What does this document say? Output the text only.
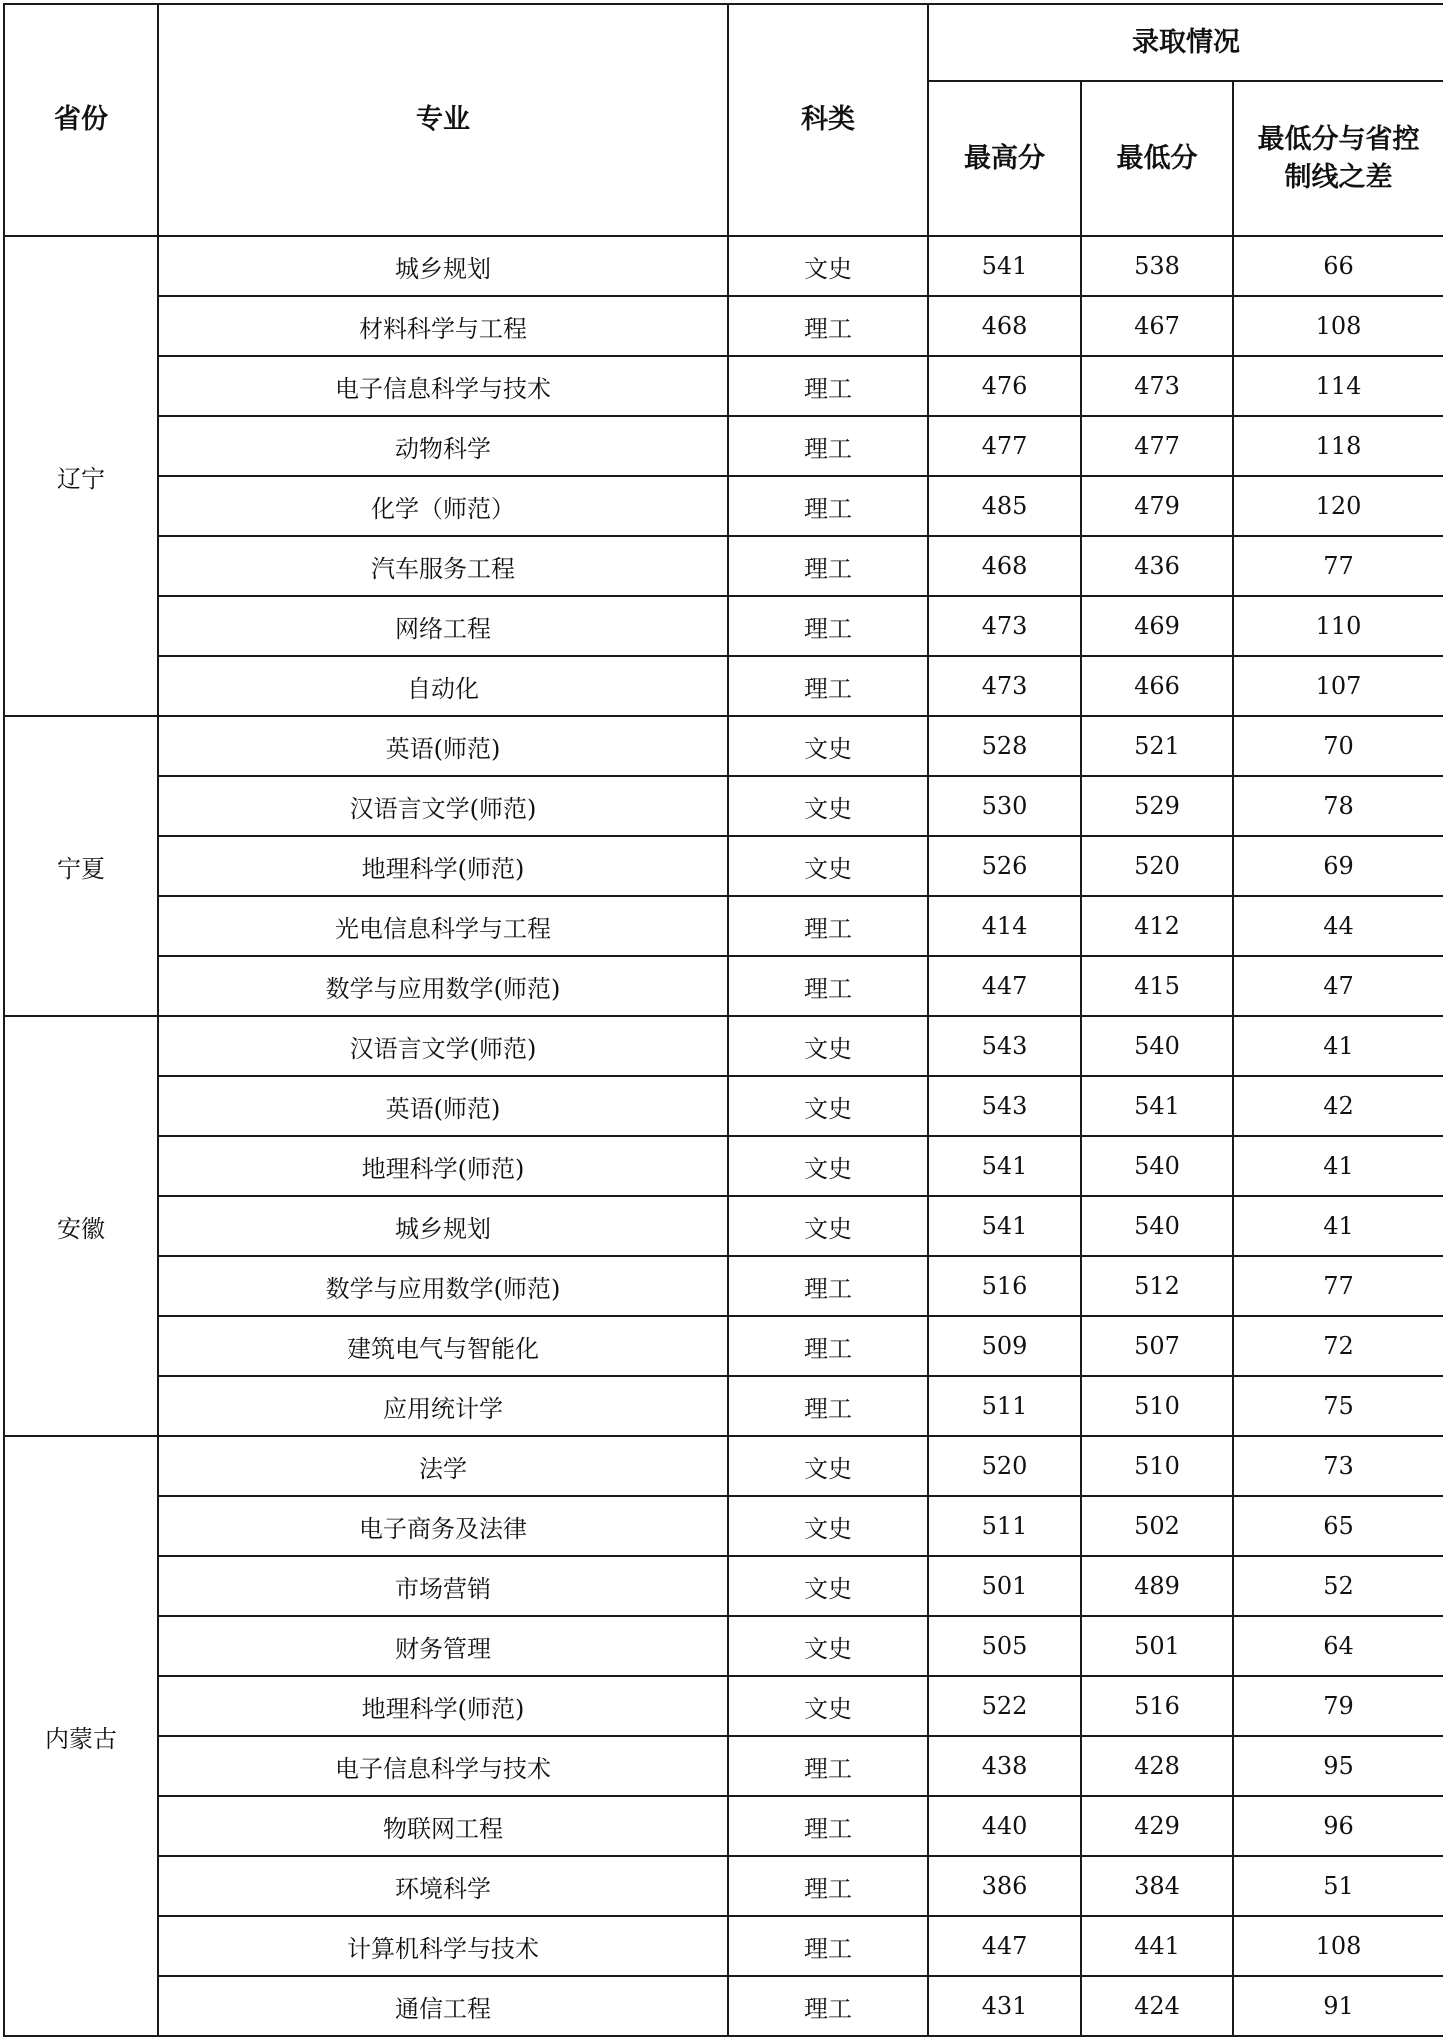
省份	专业	科类	录取情况		
			最高分	最低分	最低分与省控制线之差
辽宁	城乡规划	文史	541	538	66
	材料科学与工程	理工	468	467	108
	电子信息科学与技术	理工	476	473	114
	动物科学	理工	477	477	118
	化学（师范）	理工	485	479	120
	汽车服务工程	理工	468	436	77
	网络工程	理工	473	469	110
	自动化	理工	473	466	107
宁夏	英语(师范)	文史	528	521	70
	汉语言文学(师范)	文史	530	529	78
	地理科学(师范)	文史	526	520	69
	光电信息科学与工程	理工	414	412	44
	数学与应用数学(师范)	理工	447	415	47
安徽	汉语言文学(师范)	文史	543	540	41
	英语(师范)	文史	543	541	42
	地理科学(师范)	文史	541	540	41
	城乡规划	文史	541	540	41
	数学与应用数学(师范)	理工	516	512	77
	建筑电气与智能化	理工	509	507	72
	应用统计学	理工	511	510	75
内蒙古	法学	文史	520	510	73
	电子商务及法律	文史	511	502	65
	市场营销	文史	501	489	52
	财务管理	文史	505	501	64
	地理科学(师范)	文史	522	516	79
	电子信息科学与技术	理工	438	428	95
	物联网工程	理工	440	429	96
	环境科学	理工	386	384	51
	计算机科学与技术	理工	447	441	108
	通信工程	理工	431	424	91
